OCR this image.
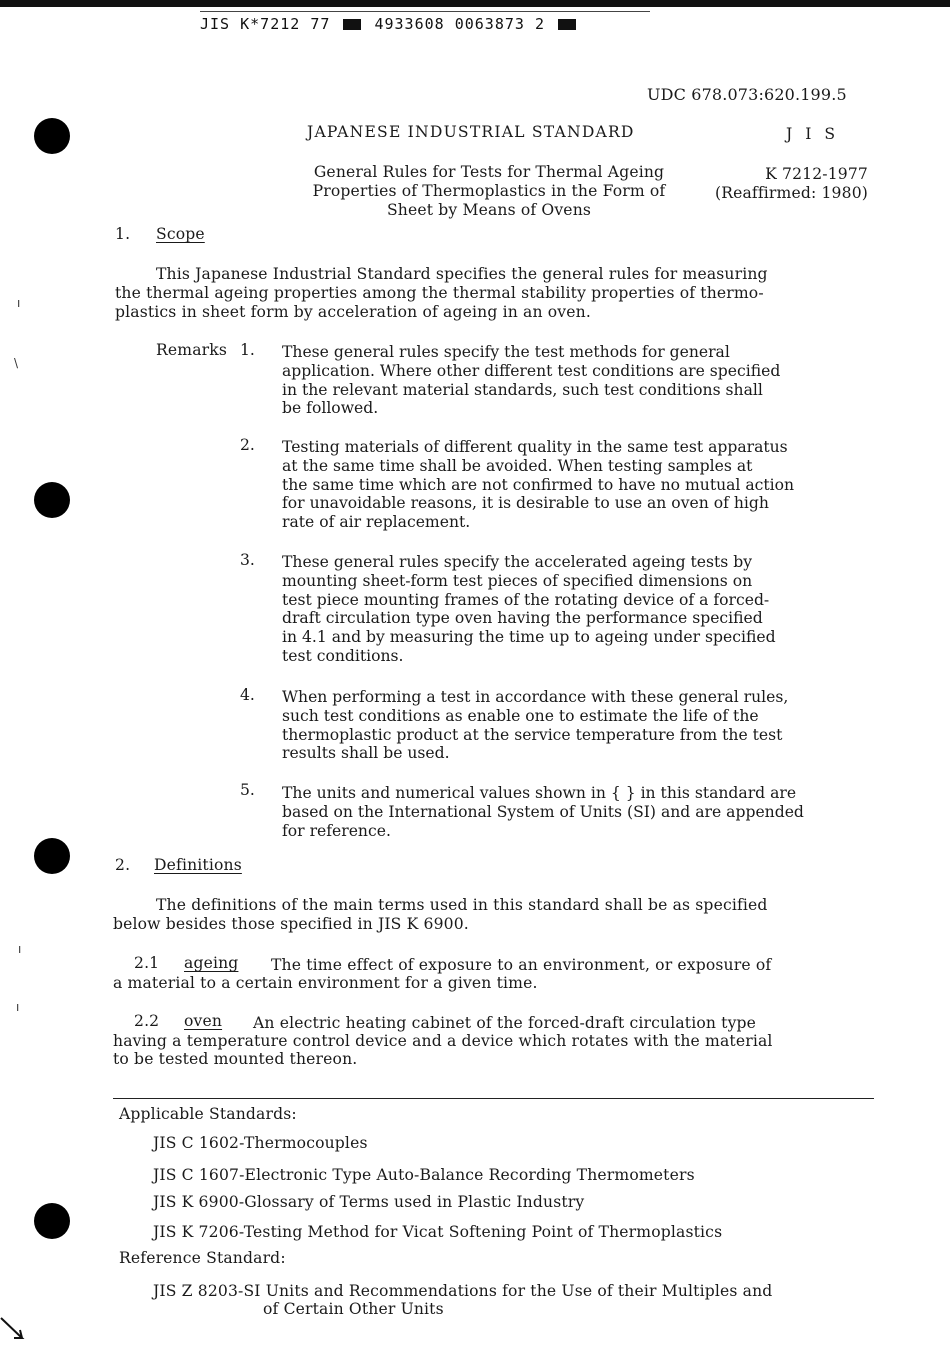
JIS K*7212 77	4933608 0063873 2
ı
\
ı
ı
UDC 678.073:620.199.5
JAPANESE INDUSTRIAL STANDARD	J I S
General Rules for Tests for Thermal Ageing
Properties of Thermoplastics in the Form of
Sheet by Means of Ovens
K 7212-1977
(Reaffirmed: 1980)
1. Scope
This Japanese Industrial Standard specifies the general rules for measuring
the thermal ageing properties among the thermal stability properties of thermo-
plastics in sheet form by acceleration of ageing in an oven.
Remarks 1. These general rules specify the test methods for general
application. Where other different test conditions are specified
in the relevant material standards, such test conditions shall
be followed.
2. Testing materials of different quality in the same test apparatus
at the same time shall be avoided. When testing samples at
the same time which are not confirmed to have no mutual action
for unavoidable reasons, it is desirable to use an oven of high
rate of air replacement.
3. These general rules specify the accelerated ageing tests by
mounting sheet-form test pieces of specified dimensions on
test piece mounting frames of the rotating device of a forced-
draft circulation type oven having the performance specified
in 4.1 and by measuring the time up to ageing under specified
test conditions.
4. When performing a test in accordance with these general rules,
such test conditions as enable one to estimate the life of the
thermoplastic product at the service temperature from the test
results shall be used.
5. The units and numerical values shown in { } in this standard are
based on the International System of Units (SI) and are appended
for reference.
2. Definitions
The definitions of the main terms used in this standard shall be as specified
below besides those specified in JIS K 6900.
2.1 ageing The time effect of exposure to an environment, or exposure of
a material to a certain environment for a given time.
2.2 oven An electric heating cabinet of the forced-draft circulation type
having a temperature control device and a device which rotates with the material
to be tested mounted thereon.
Applicable Standards:
JIS C 1602-Thermocouples
JIS C 1607-Electronic Type Auto-Balance Recording Thermometers
JIS K 6900-Glossary of Terms used in Plastic Industry
JIS K 7206-Testing Method for Vicat Softening Point of Thermoplastics
Reference Standard:
JIS Z 8203-SI Units and Recommendations for the Use of their Multiples and
of Certain Other Units
